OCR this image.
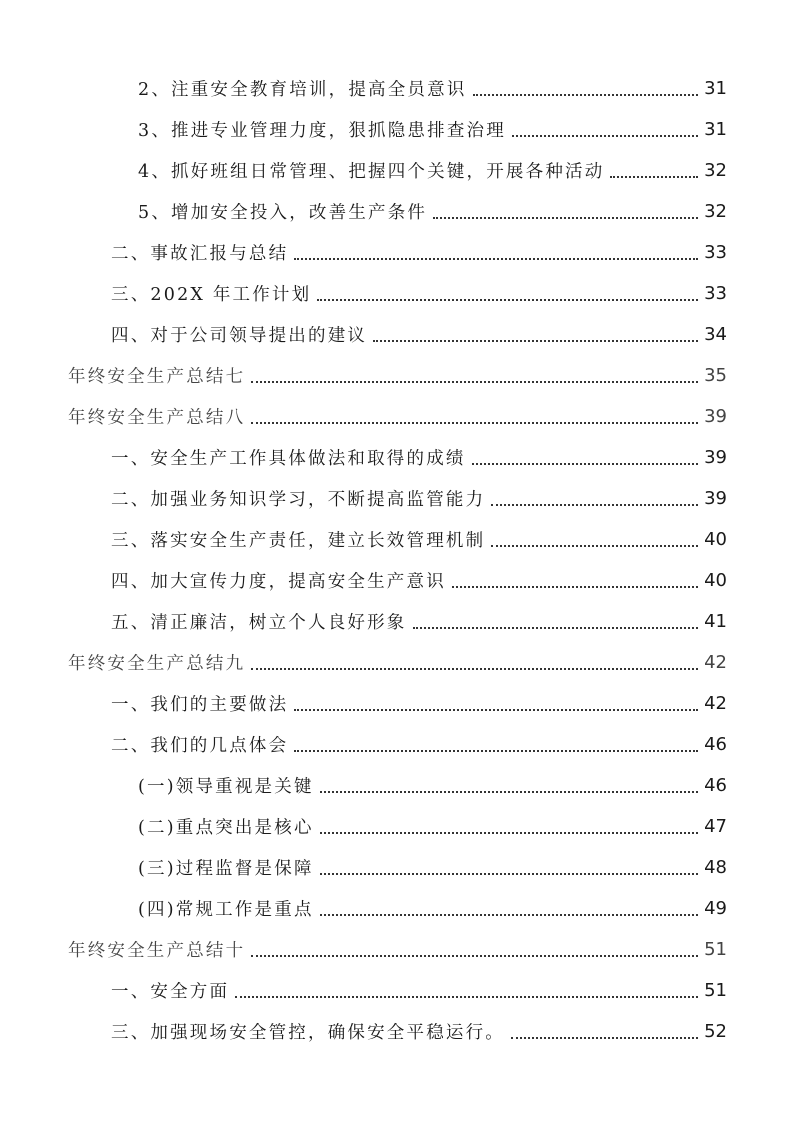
2、注重安全教育培训，提高全员意识	31
3、推进专业管理力度，狠抓隐患排查治理	31
4、抓好班组日常管理、把握四个关键，开展各种活动	32
5、增加安全投入，改善生产条件	32
二、事故汇报与总结	33
三、202X 年工作计划	33
四、对于公司领导提出的建议	34
年终安全生产总结七	35
年终安全生产总结八	39
一、安全生产工作具体做法和取得的成绩	39
二、加强业务知识学习，不断提高监管能力	39
三、落实安全生产责任，建立长效管理机制	40
四、加大宣传力度，提高安全生产意识	40
五、清正廉洁，树立个人良好形象	41
年终安全生产总结九	42
一、我们的主要做法	42
二、我们的几点体会	46
(一)领导重视是关键	46
(二)重点突出是核心	47
(三)过程监督是保障	48
(四)常规工作是重点	49
年终安全生产总结十	51
一、安全方面	51
三、加强现场安全管控，确保安全平稳运行。	52
